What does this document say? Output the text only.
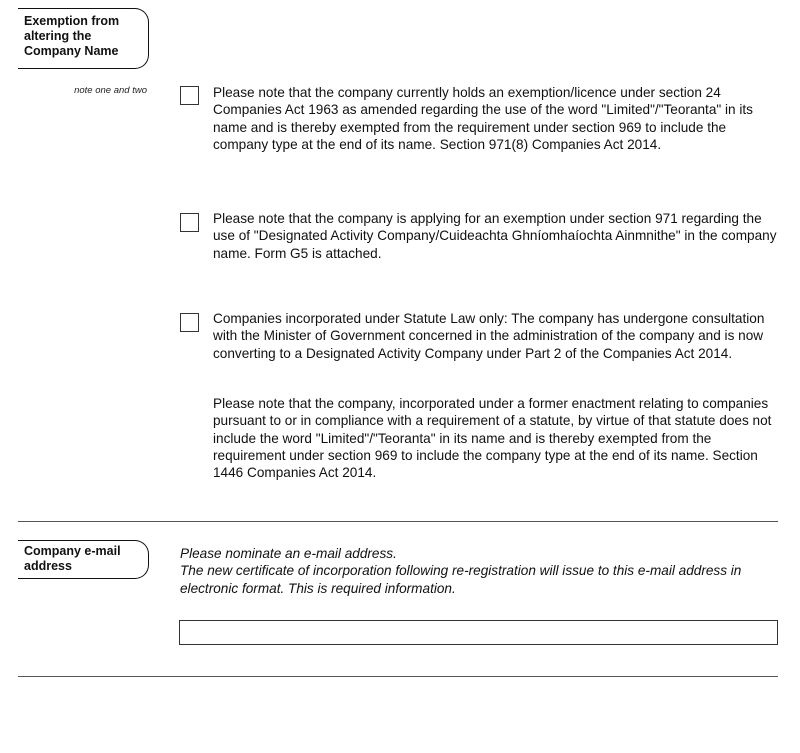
Exemption from altering the Company Name
note one and two	Please note that the company currently holds an exemption/licence under section 24 Companies Act 1963 as amended regarding the use of the word "Limited"/"Teoranta" in its name and is thereby exempted from the requirement under section 969 to include the company type at the end of its name. Section 971(8) Companies Act 2014.
Please note that the company is applying for an exemption under section 971 regarding the use of "Designated Activity Company/Cuideachta Ghníomhaíochta Ainmnithe" in the company name. Form G5 is attached.
Companies incorporated under Statute Law only: The company has undergone consultation with the Minister of Government concerned in the administration of the company and is now converting to a Designated Activity Company under Part 2 of the Companies Act 2014.
Please note that the company, incorporated under a former enactment relating to companies pursuant to or in compliance with a requirement of a statute, by virtue of that statute does not include the word "Limited"/"Teoranta" in its name and is thereby exempted from the requirement under section 969 to include the company type at the end of its name. Section 1446 Companies Act 2014.
Company e-mail address
Please nominate an e-mail address.
The new certificate of incorporation following re-registration will issue to this e-mail address in electronic format. This is required information.
